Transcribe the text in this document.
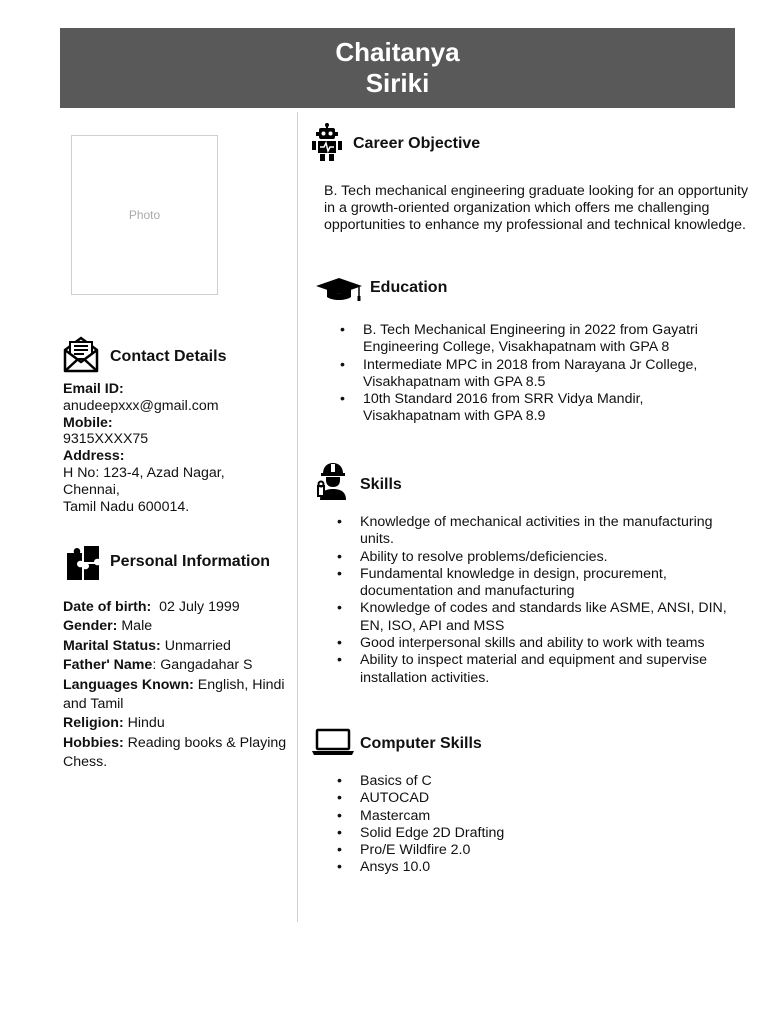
Chaitanya
Siriki
Photo
Contact Details
Email ID:
anudeepxxx@gmail.com
Mobile:
9315XXXX75
Address:
H No: 123-4, Azad Nagar,
Chennai,
Tamil Nadu 600014.
Personal Information
Date of birth: 02 July 1999
Gender: Male
Marital Status: Unmarried
Father' Name: Gangadahar S
Languages Known: English, Hindi and Tamil
Religion: Hindu
Hobbies: Reading books & Playing Chess.
Career Objective
B. Tech mechanical engineering graduate looking for an opportunity in a growth-oriented organization which offers me challenging opportunities to enhance my professional and technical knowledge.
Education
• B. Tech Mechanical Engineering in 2022 from Gayatri Engineering College, Visakhapatnam with GPA 8
• Intermediate MPC in 2018 from Narayana Jr College, Visakhapatnam with GPA 8.5
• 10th Standard 2016 from SRR Vidya Mandir, Visakhapatnam with GPA 8.9
Skills
• Knowledge of mechanical activities in the manufacturing units.
• Ability to resolve problems/deficiencies.
• Fundamental knowledge in design, procurement, documentation and manufacturing
• Knowledge of codes and standards like ASME, ANSI, DIN, EN, ISO, API and MSS
• Good interpersonal skills and ability to work with teams
• Ability to inspect material and equipment and supervise installation activities.
Computer Skills
• Basics of C
• AUTOCAD
• Mastercam
• Solid Edge 2D Drafting
• Pro/E Wildfire 2.0
• Ansys 10.0
